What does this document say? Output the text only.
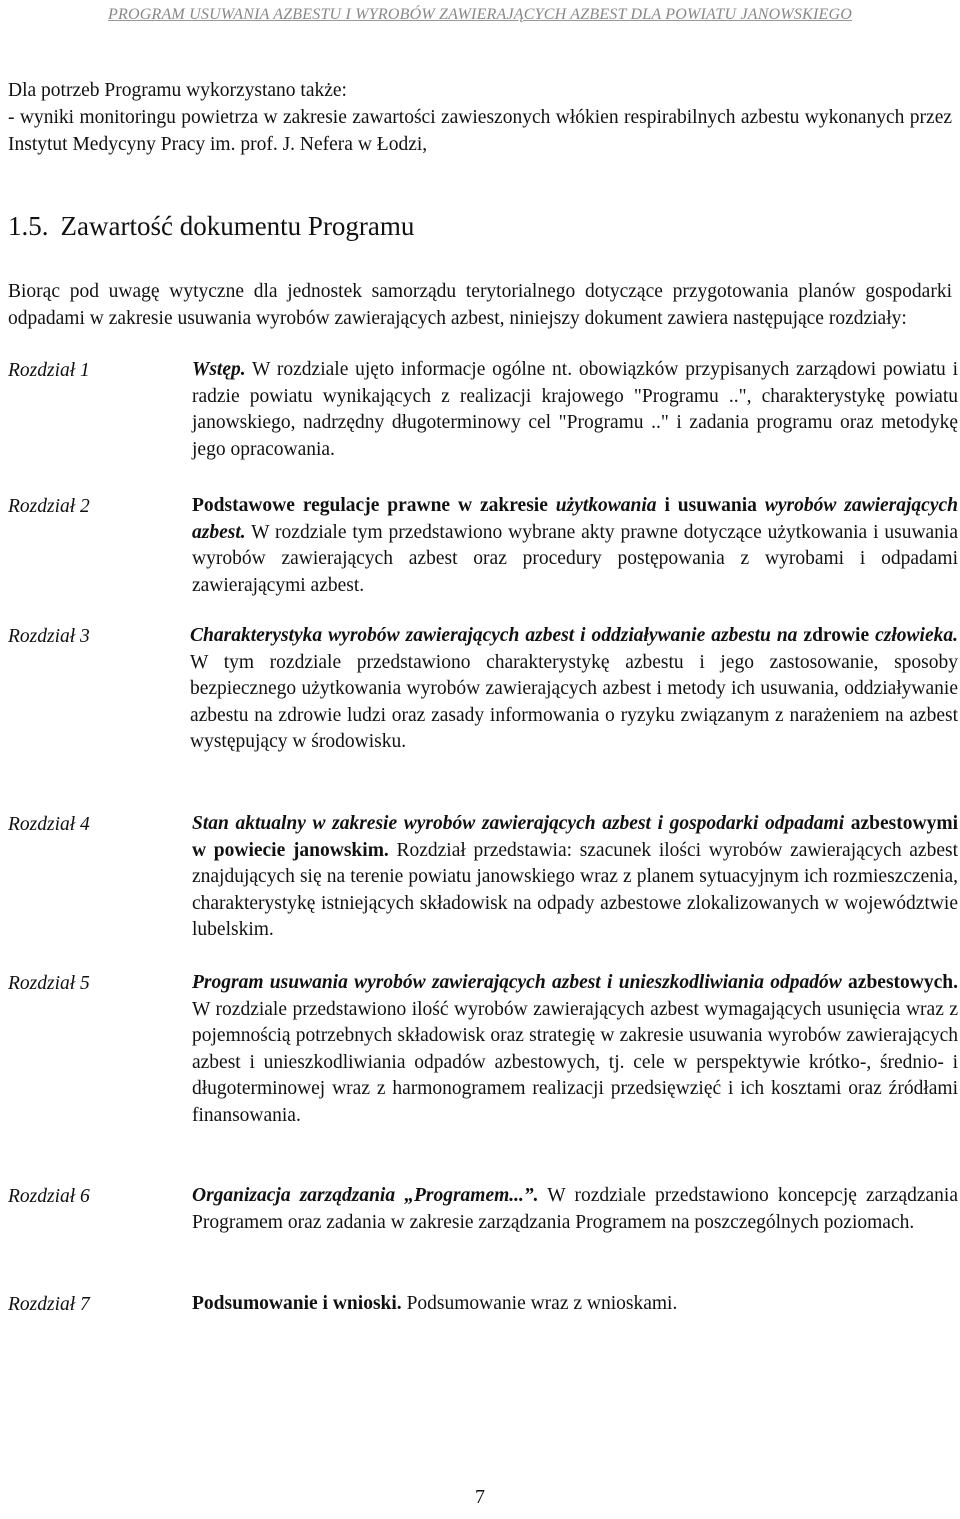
PROGRAM USUWANIA AZBESTU I WYROBÓW ZAWIERAJĄCYCH AZBEST DLA POWIATU JANOWSKIEGO
Dla potrzeb Programu wykorzystano także:
- wyniki monitoringu powietrza w zakresie zawartości zawieszonych włókien respirabilnych azbestu wykonanych przez Instytut Medycyny Pracy im. prof. J. Nefera w Łodzi,
1.5. Zawartość dokumentu Programu
Biorąc pod uwagę wytyczne dla jednostek samorządu terytorialnego dotyczące przygotowania planów gospodarki odpadami w zakresie usuwania wyrobów zawierających azbest, niniejszy dokument zawiera następujące rozdziały:
Rozdział 1	Wstęp. W rozdziale ujęto informacje ogólne nt. obowiązków przypisanych zarządowi powiatu i radzie powiatu wynikających z realizacji krajowego "Programu ..", charakterystykę powiatu janowskiego, nadrzędny długoterminowy cel "Programu .." i zadania programu oraz metodykę jego opracowania.
Rozdział 2	Podstawowe regulacje prawne w zakresie użytkowania i usuwania wyrobów zawierających azbest. W rozdziale tym przedstawiono wybrane akty prawne dotyczące użytkowania i usuwania wyrobów zawierających azbest oraz procedury postępowania z wyrobami i odpadami zawierającymi azbest.
Rozdział 3	Charakterystyka wyrobów zawierających azbest i oddziaływanie azbestu na zdrowie człowieka. W tym rozdziale przedstawiono charakterystykę azbestu i jego zastosowanie, sposoby bezpiecznego użytkowania wyrobów zawierających azbest i metody ich usuwania, oddziaływanie azbestu na zdrowie ludzi oraz zasady informowania o ryzyku związanym z narażeniem na azbest występujący w środowisku.
Rozdział 4	Stan aktualny w zakresie wyrobów zawierających azbest i gospodarki odpadami azbestowymi w powiecie janowskim. Rozdział przedstawia: szacunek ilości wyrobów zawierających azbest znajdujących się na terenie powiatu janowskiego wraz z planem sytuacyjnym ich rozmieszczenia, charakterystykę istniejących składowisk na odpady azbestowe zlokalizowanych w województwie lubelskim.
Rozdział 5	Program usuwania wyrobów zawierających azbest i unieszkodliwiania odpadów azbestowych. W rozdziale przedstawiono ilość wyrobów zawierających azbest wymagających usunięcia wraz z pojemnością potrzebnych składowisk oraz strategię w zakresie usuwania wyrobów zawierających azbest i unieszkodliwiania odpadów azbestowych, tj. cele w perspektywie krótko-, średnio- i długoterminowej wraz z harmonogramem realizacji przedsięwzięć i ich kosztami oraz źródłami finansowania.
Rozdział 6	Organizacja zarządzania „Programem...”. W rozdziale przedstawiono koncepcję zarządzania Programem oraz zadania w zakresie zarządzania Programem na poszczególnych poziomach.
Rozdział 7	Podsumowanie i wnioski. Podsumowanie wraz z wnioskami.
7
